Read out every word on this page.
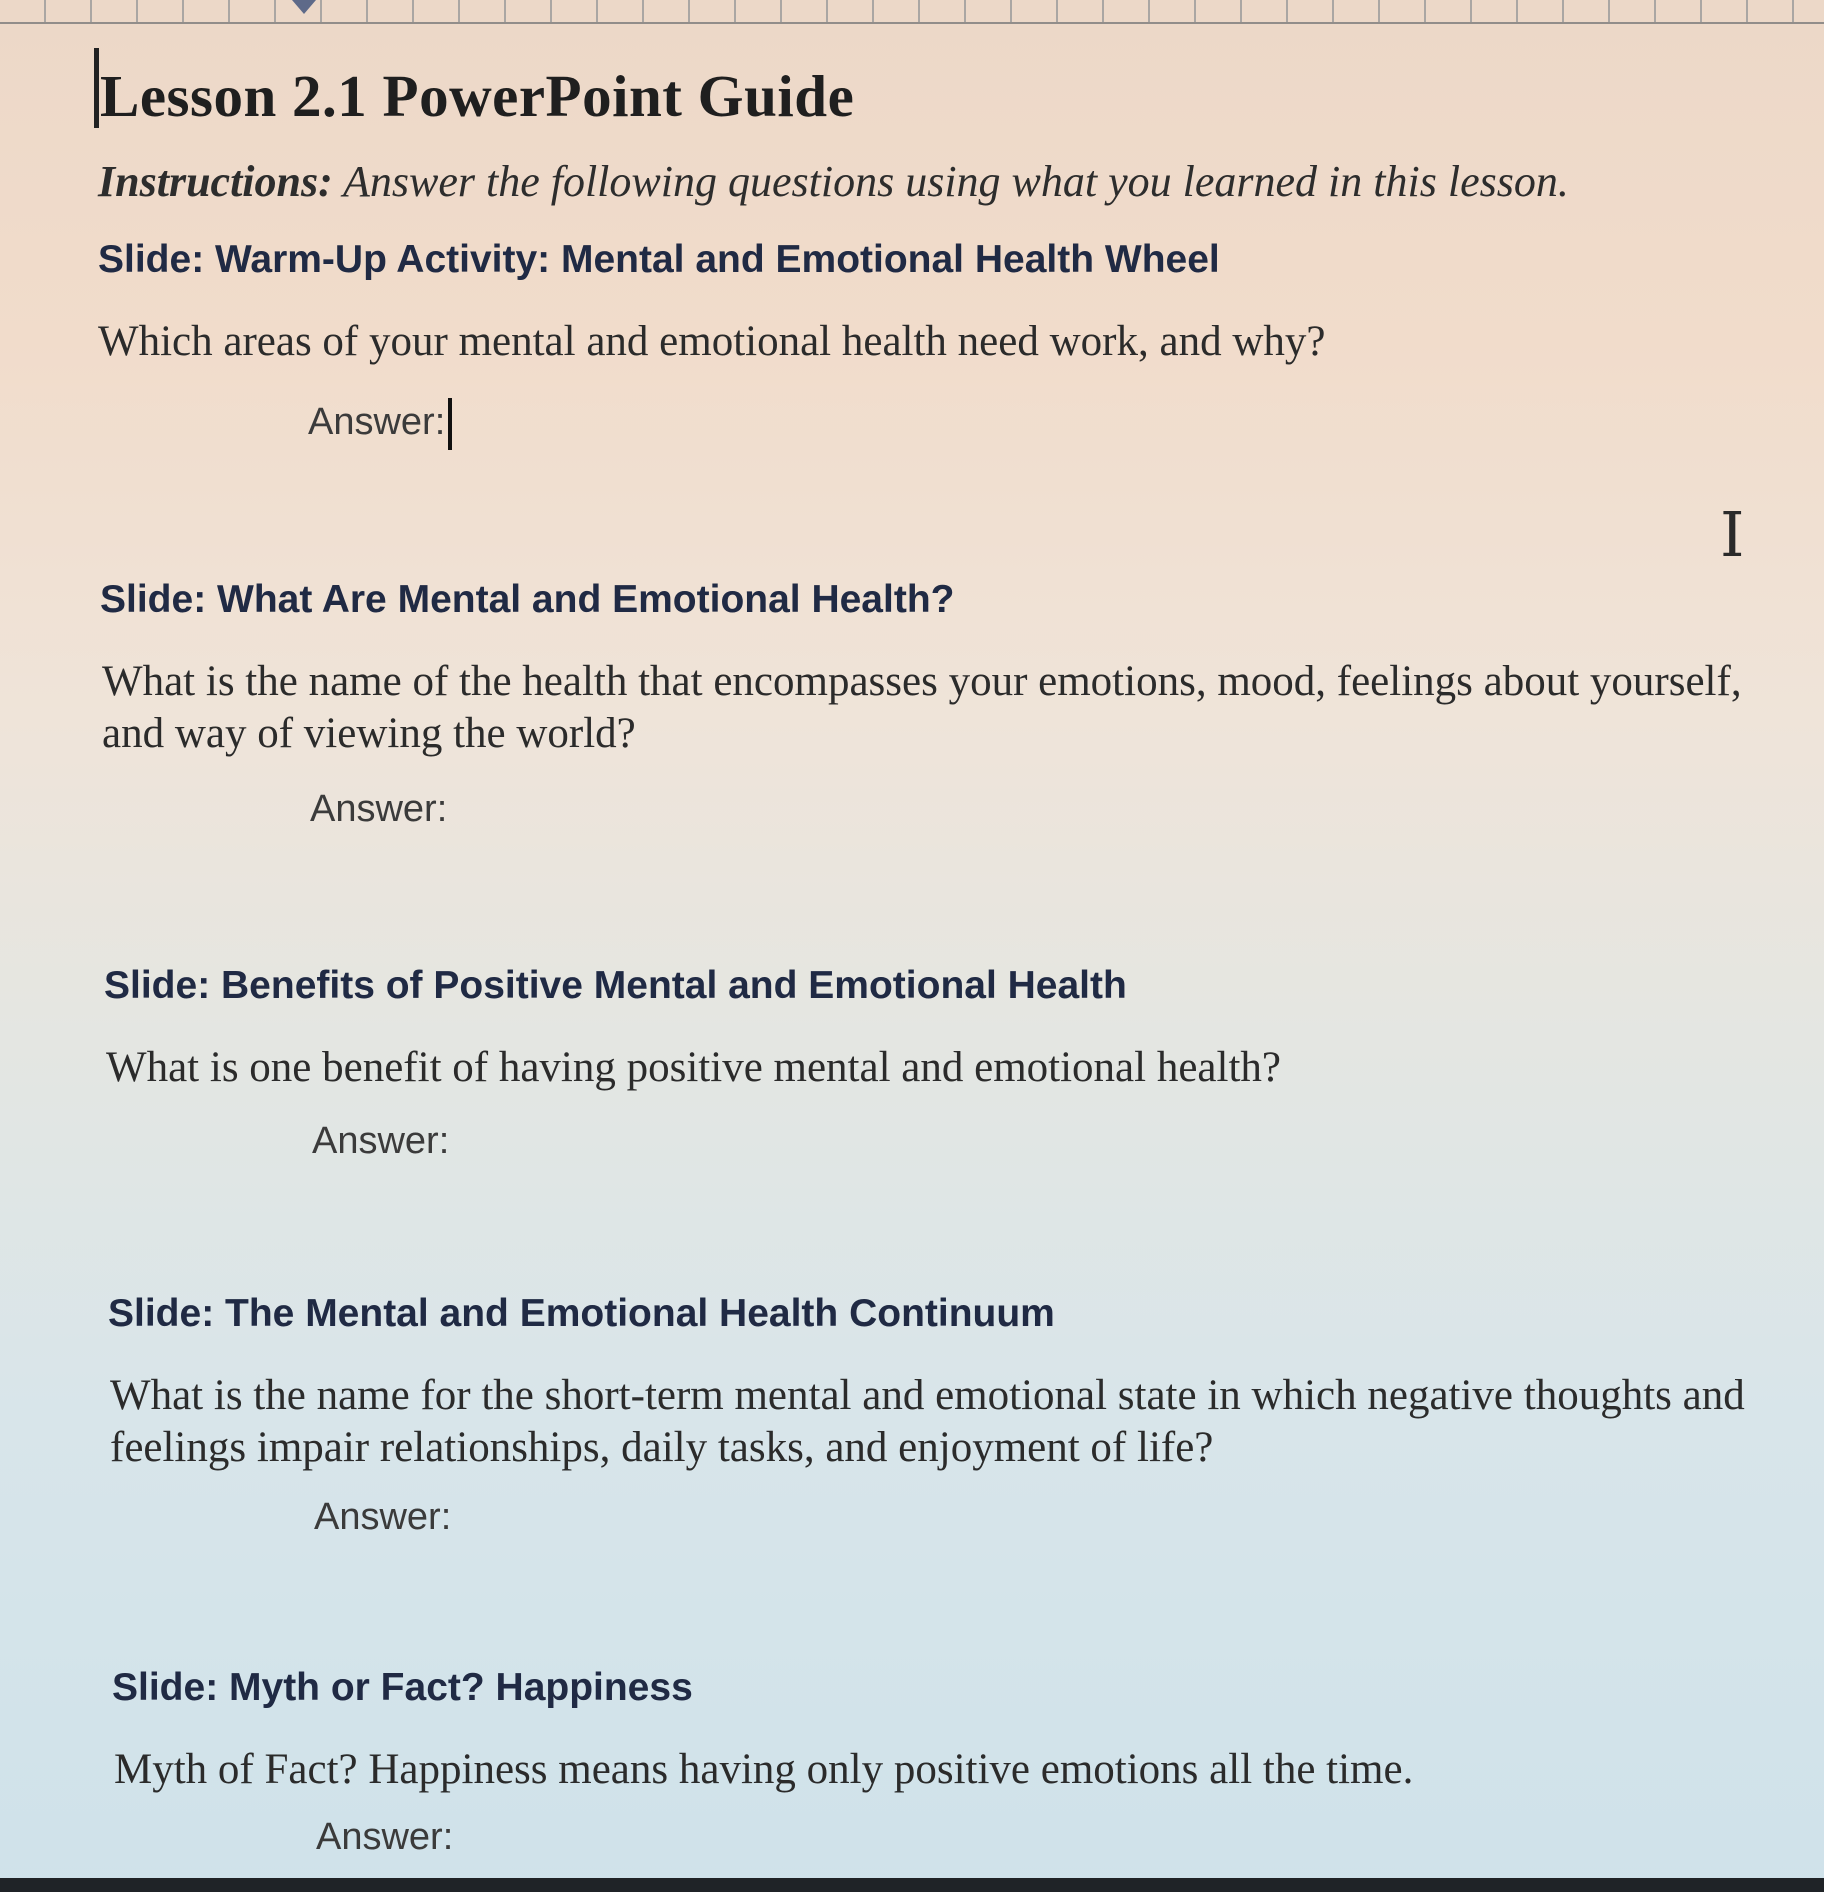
Lesson 2.1 PowerPoint Guide
Instructions: Answer the following questions using what you learned in this lesson.
Slide: Warm-Up Activity: Mental and Emotional Health Wheel
Which areas of your mental and emotional health need work, and why?
Answer:
I
Slide: What Are Mental and Emotional Health?
What is the name of the health that encompasses your emotions, mood, feelings about yourself, and way of viewing the world?
Answer:
Slide: Benefits of Positive Mental and Emotional Health
What is one benefit of having positive mental and emotional health?
Answer:
Slide: The Mental and Emotional Health Continuum
What is the name for the short-term mental and emotional state in which negative thoughts and feelings impair relationships, daily tasks, and enjoyment of life?
Answer:
Slide: Myth or Fact? Happiness
Myth of Fact? Happiness means having only positive emotions all the time.
Answer:
